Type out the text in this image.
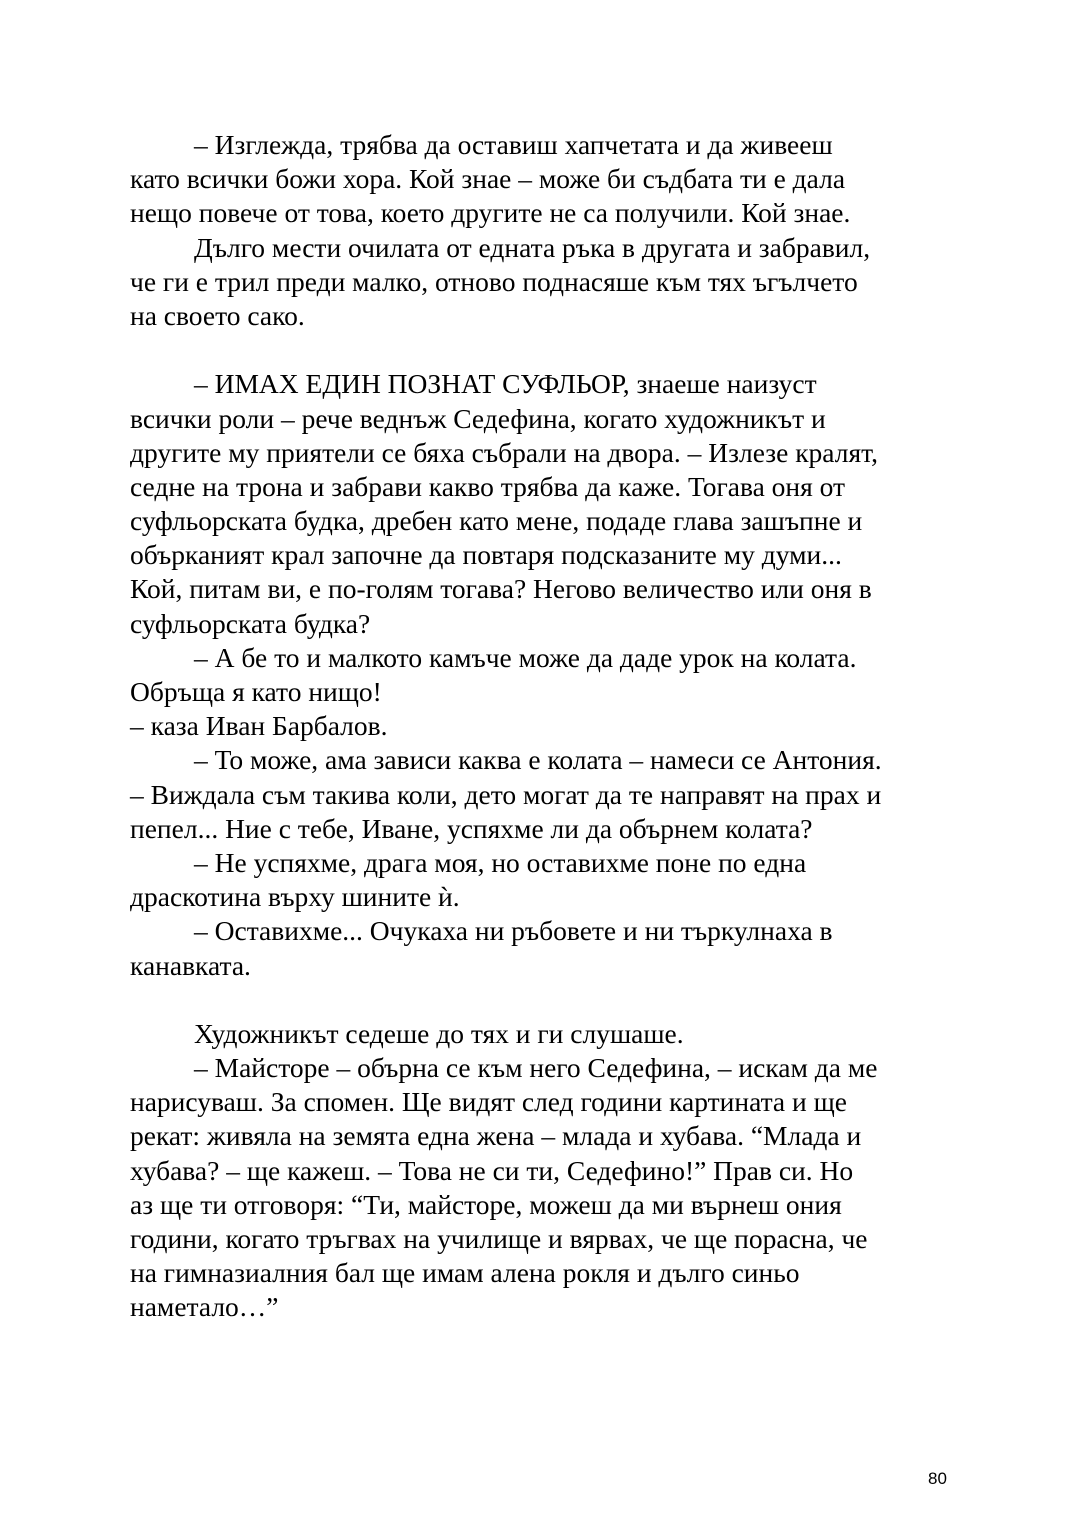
– Изглежда, трябва да оставиш хапчетата и да живееш
като всички божи хора. Кой знае – може би съдбата ти е дала
нещо повече от това, което другите не са получили. Кой знае.
Дълго мести очилата от едната ръка в другата и забравил,
че ги е трил преди малко, отново поднасяше към тях ъгълчето
на своето сако.
– ИМАХ ЕДИН ПОЗНАТ СУФЛЬОР, знаеше наизуст
всички роли – рече веднъж Седефина, когато художникът и
другите му приятели се бяха събрали на двора. – Излезе кралят,
седне на трона и забрави какво трябва да каже. Тогава оня от
суфльорската будка, дребен като мене, подаде глава зашъпне и
обърканият крал започне да повтаря подсказаните му думи...
Кой, питам ви, е по-голям тогава? Негово величество или оня в
суфльорската будка?
– А бе то и малкото камъче може да даде урок на колата.
Обръща я като нищо!
– каза Иван Барбалов.
– То може, ама зависи каква е колата – намеси се Антония.
– Виждала съм такива коли, дето могат да те направят на прах и
пепел... Ние с тебе, Иване, успяхме ли да обърнем колата?
– Не успяхме, драга моя, но оставихме поне по една
драскотина върху шините ѝ.
– Оставихме... Очукаха ни ръбовете и ни търкулнаха в
канавката.
Художникът седеше до тях и ги слушаше.
– Майсторе – обърна се към него Седефина, – искам да ме
нарисуваш. За спомен. Ще видят след години картината и ще
рекат: живяла на земята една жена – млада и хубава. “Млада и
хубава? – ще кажеш. – Това не си ти, Седефино!” Прав си. Но
аз ще ти отговоря: “Ти, майсторе, можеш да ми върнеш ония
години, когато тръгвах на училище и вярвах, че ще порасна, че
на гимназиалния бал ще имам алена рокля и дълго синьо
наметало…”
80
